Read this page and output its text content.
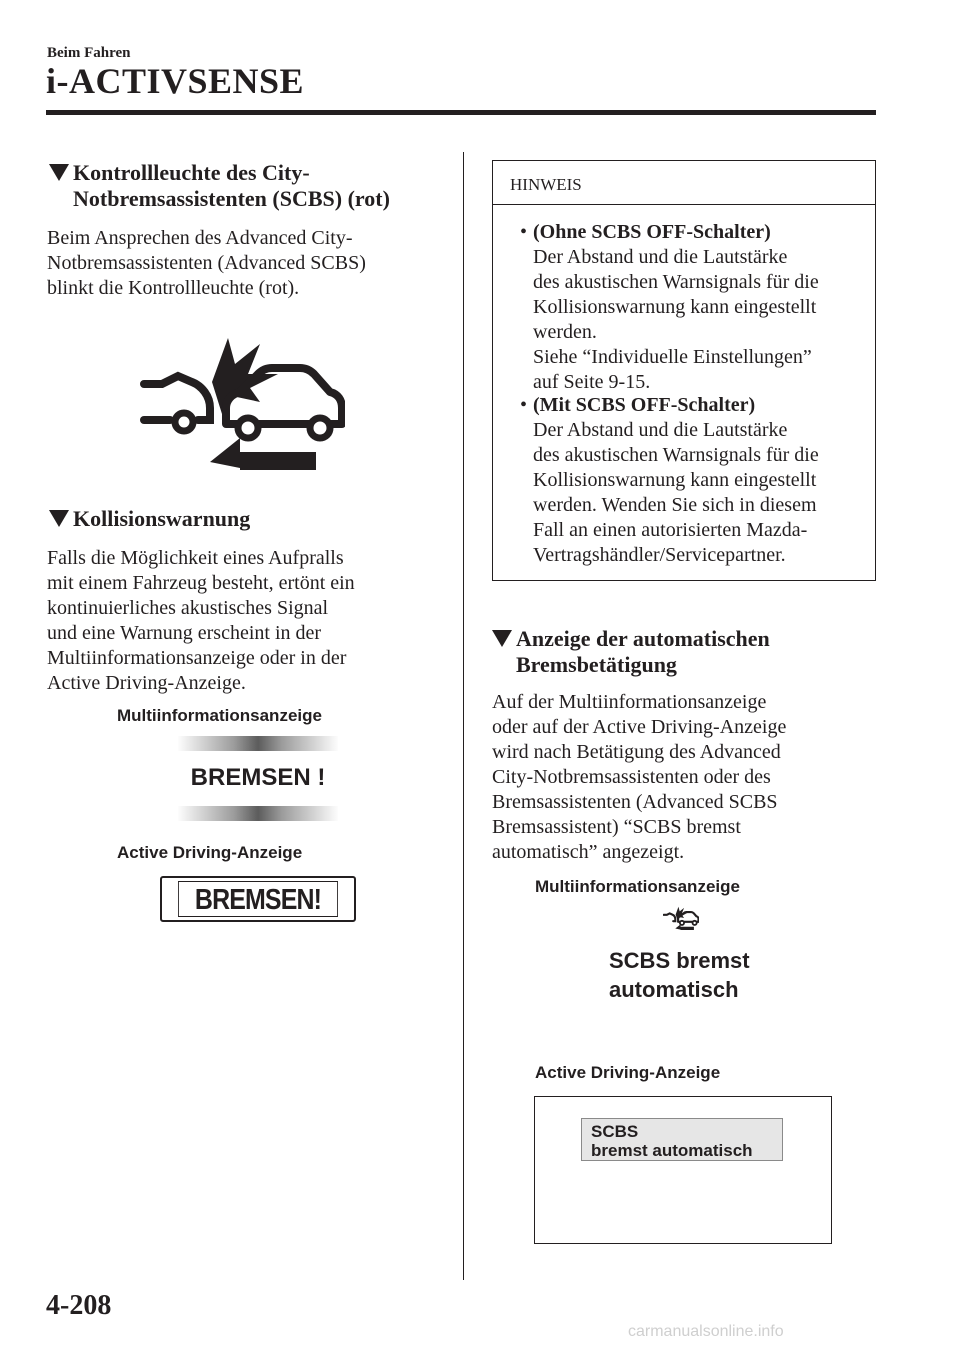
Beim Fahren
i-ACTIVSENSE
Kontrollleuchte des City-
Notbremsassistenten (SCBS) (rot)
Beim Ansprechen des Advanced City-
Notbremsassistenten (Advanced SCBS)
blinkt die Kontrollleuchte (rot).
Kollisionswarnung
Falls die Möglichkeit eines Aufpralls
mit einem Fahrzeug besteht, ertönt ein
kontinuierliches akustisches Signal
und eine Warnung erscheint in der
Multiinformationsanzeige oder in der
Active Driving-Anzeige.
Multiinformationsanzeige
BREMSEN !
Active Driving-Anzeige
BREMSEN!
HINWEIS
• (Ohne SCBS OFF-Schalter)
Der Abstand und die Lautstärke
des akustischen Warnsignals für die
Kollisionswarnung kann eingestellt
werden.
Siehe “Individuelle Einstellungen”
auf Seite 9-15.
• (Mit SCBS OFF-Schalter)
Der Abstand und die Lautstärke
des akustischen Warnsignals für die
Kollisionswarnung kann eingestellt
werden. Wenden Sie sich in diesem
Fall an einen autorisierten Mazda-
Vertragshändler/Servicepartner.
Anzeige der automatischen
Bremsbetätigung
Auf der Multiinformationsanzeige
oder auf der Active Driving-Anzeige
wird nach Betätigung des Advanced
City-Notbremsassistenten oder des
Bremsassistenten (Advanced SCBS
Bremsassistent) “SCBS bremst
automatisch” angezeigt.
Multiinformationsanzeige
SCBS bremst
automatisch
Active Driving-Anzeige
SCBS
bremst automatisch
4-208
carmanualsonline.info
